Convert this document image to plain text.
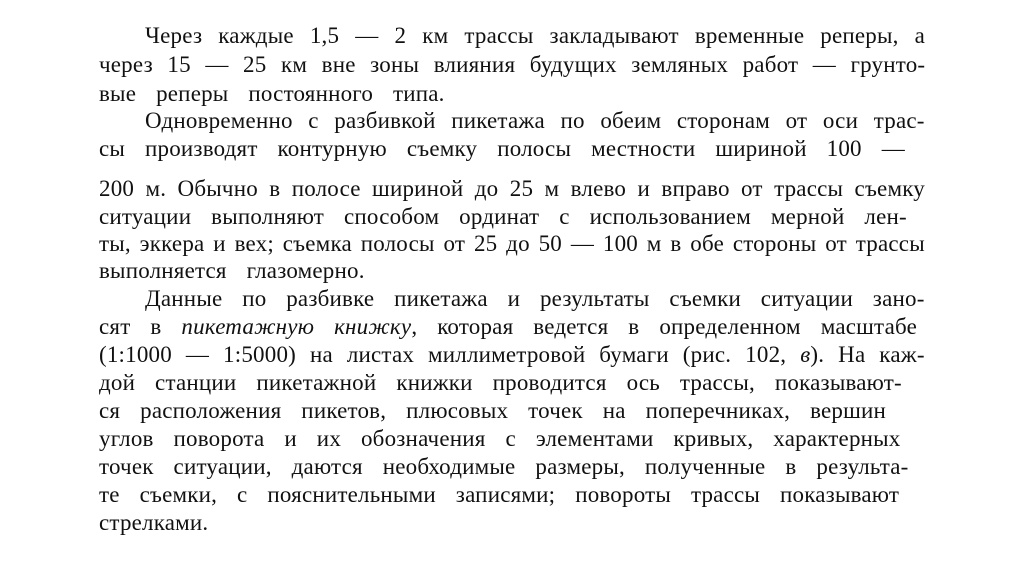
Через каждые 1,5 — 2 км трассы закладывают временные реперы, а
через 15 — 25 км вне зоны влияния будущих земляных работ — грунто-
вые реперы постоянного типа.
Одновременно с разбивкой пикетажа по обеим сторонам от оси трас-
сы производят контурную съемку полосы местности шириной 100 —
200 м. Обычно в полосе шириной до 25 м влево и вправо от трассы съемку
ситуации выполняют способом ординат с использованием мерной лен-
ты, эккера и вех; съемка полосы от 25 до 50 — 100 м в обе стороны от трассы
выполняется глазомерно.
Данные по разбивке пикетажа и результаты съемки ситуации зано-
сят в пикетажную книжку, которая ведется в определенном масштабе
(1:1000 — 1:5000) на листах миллиметровой бумаги (рис. 102, в). На каж-
дой станции пикетажной книжки проводится ось трассы, показывают-
ся расположения пикетов, плюсовых точек на поперечниках, вершин
углов поворота и их обозначения с элементами кривых, характерных
точек ситуации, даются необходимые размеры, полученные в результа-
те съемки, с пояснительными записями; повороты трассы показывают
стрелками.
